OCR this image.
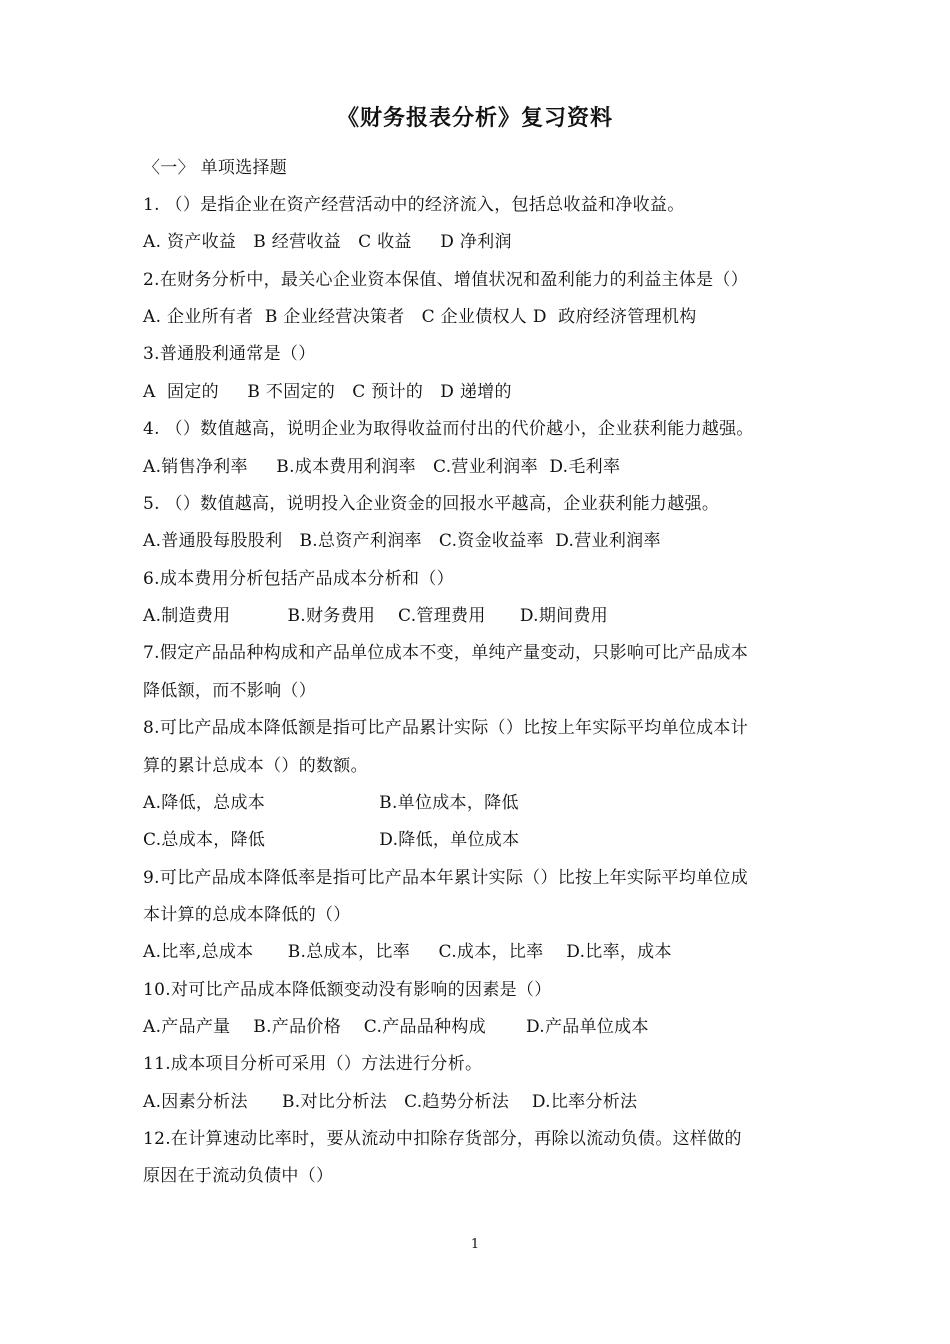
《财务报表分析》复习资料
〈一〉 单项选择题
1. （）是指企业在资产经营活动中的经济流入，包括总收益和净收益。
A. 资产收益   B 经营收益   C 收益     D 净利润
2.在财务分析中，最关心企业资本保值、增值状况和盈利能力的利益主体是（）
A. 企业所有者  B 企业经营决策者   C 企业债权人 D  政府经济管理机构
3.普通股利通常是（）
A  固定的     B 不固定的   C 预计的   D 递增的
4. （）数值越高，说明企业为取得收益而付出的代价越小，企业获利能力越强。
A.销售净利率     B.成本费用利润率   C.营业利润率  D.毛利率
5. （）数值越高，说明投入企业资金的回报水平越高，企业获利能力越强。
A.普通股每股股利   B.总资产利润率   C.资金收益率  D.营业利润率
6.成本费用分析包括产品成本分析和（）
A.制造费用          B.财务费用    C.管理费用      D.期间费用
7.假定产品品种构成和产品单位成本不变，单纯产量变动，只影响可比产品成本
降低额，而不影响（）
8.可比产品成本降低额是指可比产品累计实际（）比按上年实际平均单位成本计
算的累计总成本（）的数额。
A.降低，总成本                    B.单位成本，降低
C.总成本，降低                    D.降低，单位成本
9.可比产品成本降低率是指可比产品本年累计实际（）比按上年实际平均单位成
本计算的总成本降低的（）
A.比率,总成本      B.总成本，比率     C.成本，比率    D.比率，成本
10.对可比产品成本降低额变动没有影响的因素是（）
A.产品产量    B.产品价格    C.产品品种构成       D.产品单位成本
11.成本项目分析可采用（）方法进行分析。
A.因素分析法      B.对比分析法   C.趋势分析法    D.比率分析法
12.在计算速动比率时，要从流动中扣除存货部分，再除以流动负债。这样做的
原因在于流动负债中（）
1
